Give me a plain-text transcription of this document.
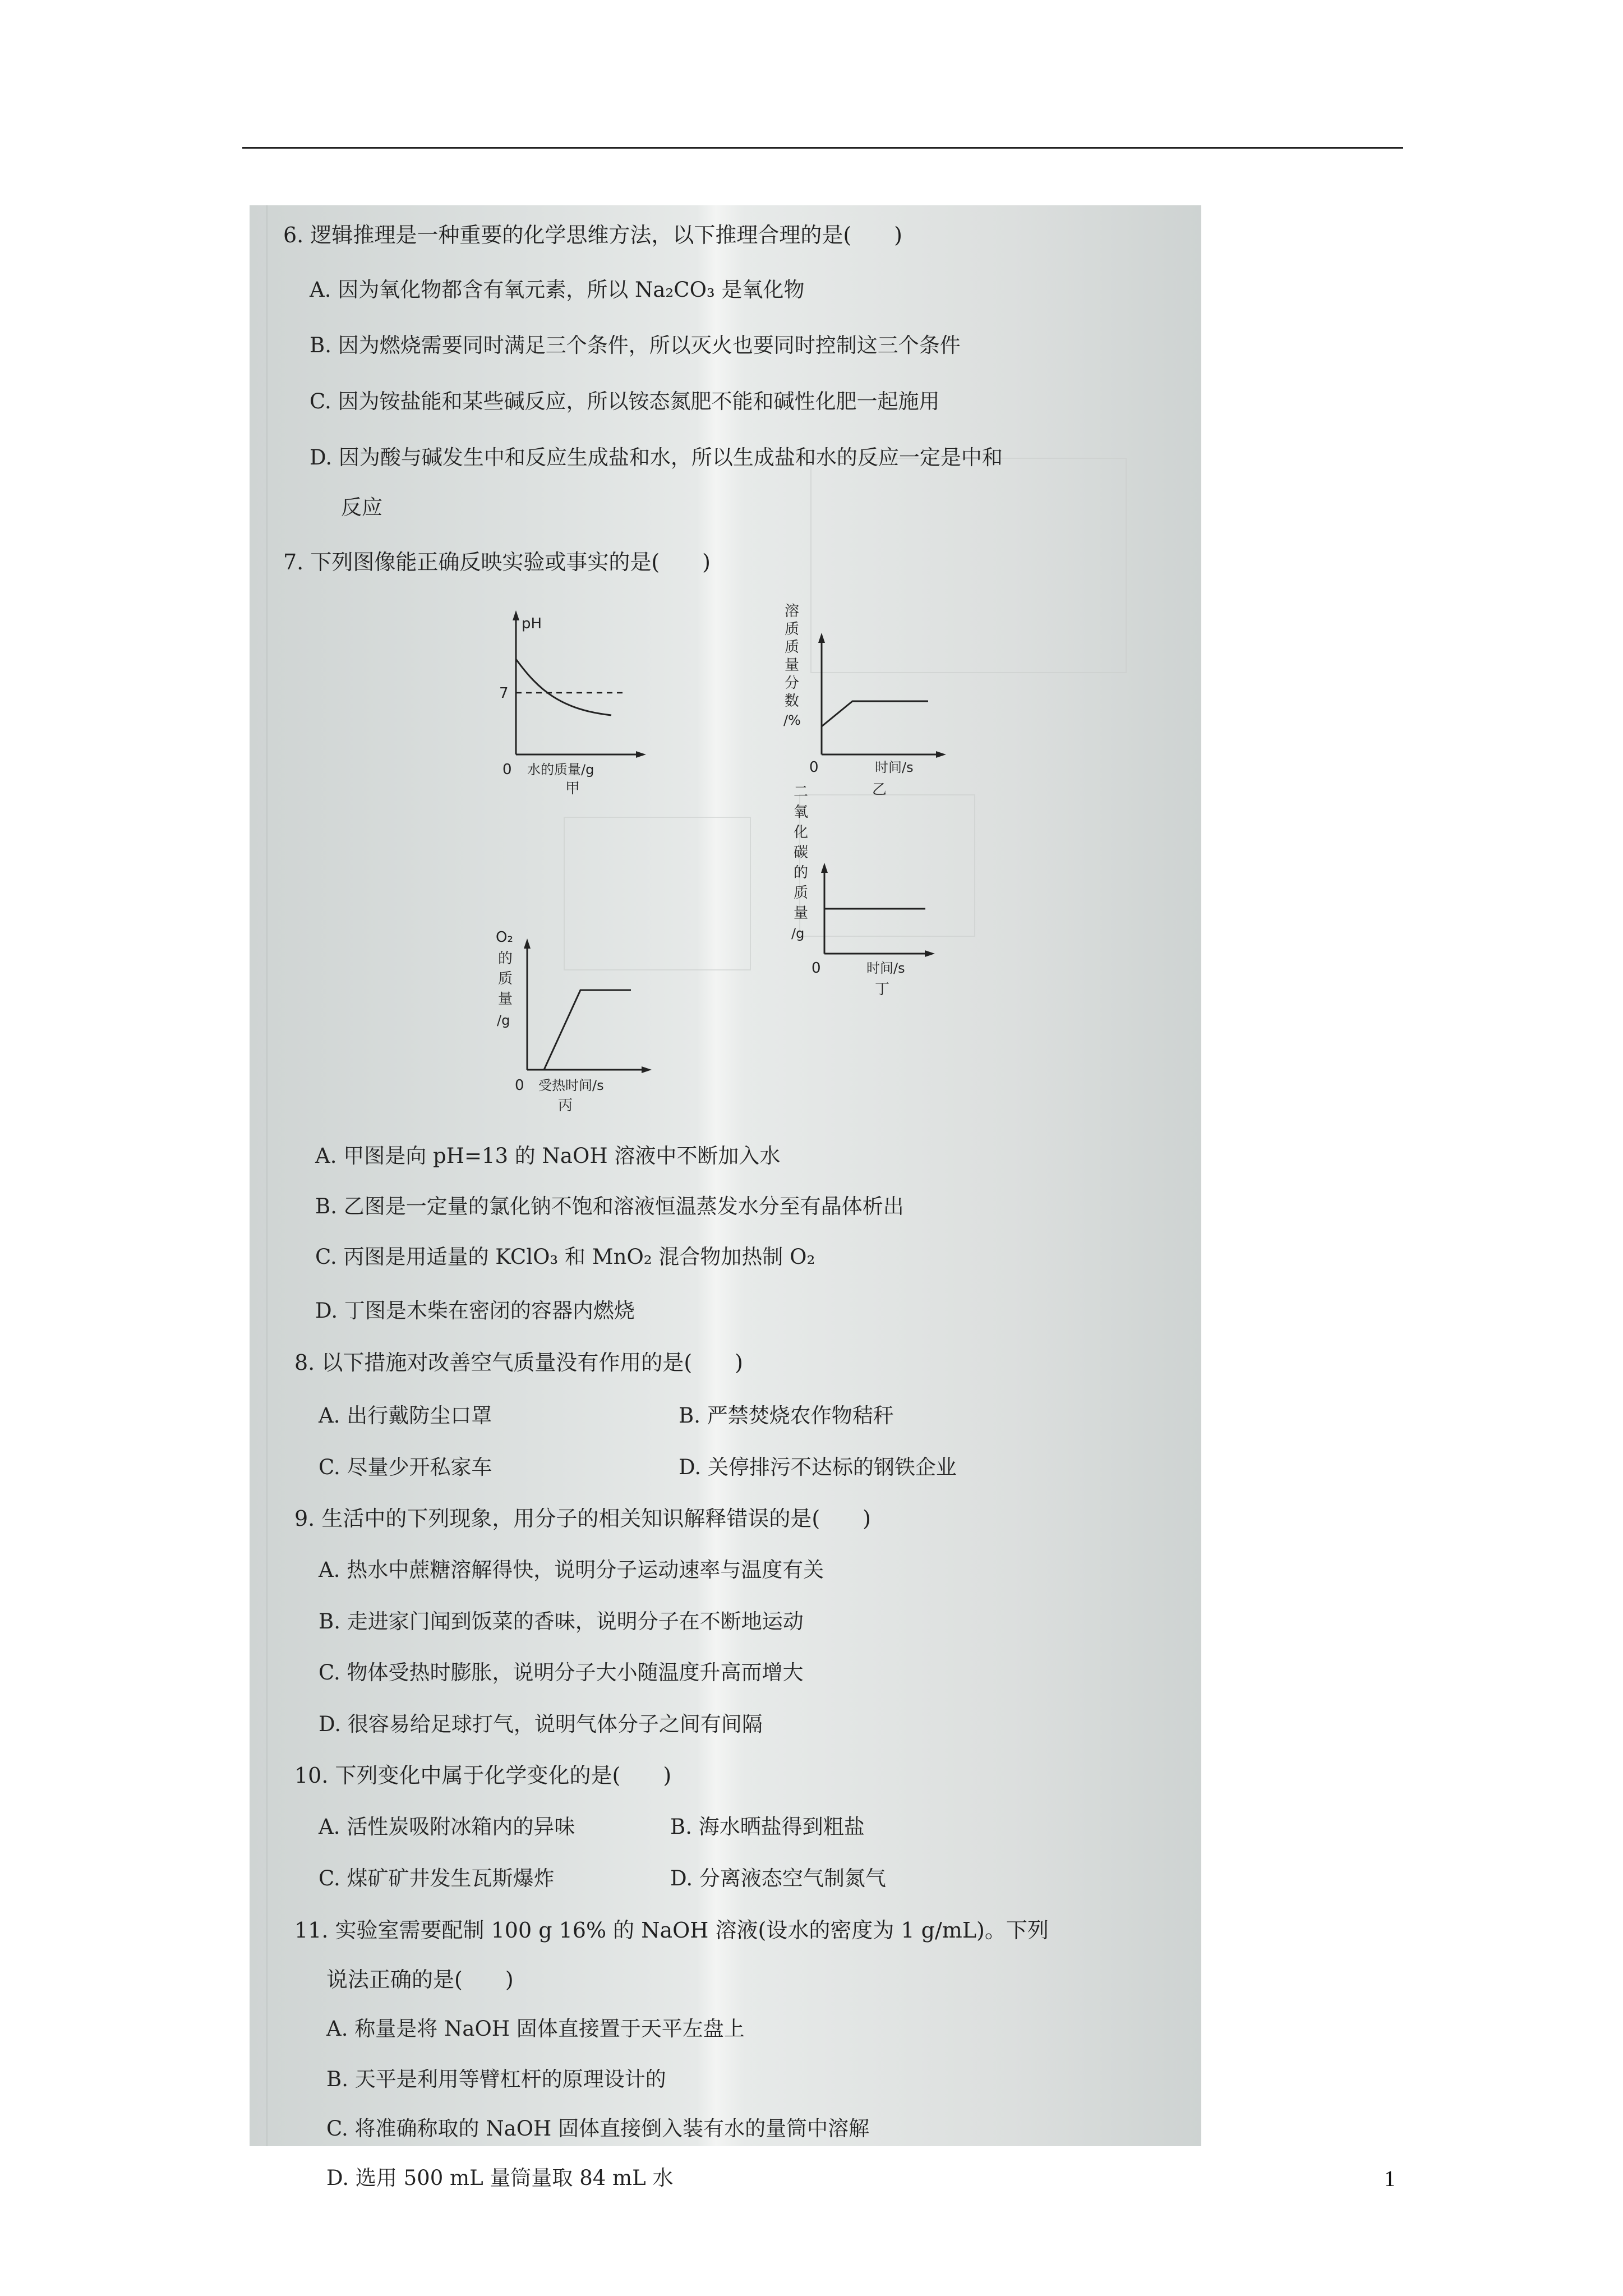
6. 逻辑推理是一种重要的化学思维方法，以下推理合理的是(　　)
A. 因为氧化物都含有氧元素，所以 Na₂CO₃ 是氧化物
B. 因为燃烧需要同时满足三个条件，所以灭火也要同时控制这三个条件
C. 因为铵盐能和某些碱反应，所以铵态氮肥不能和碱性化肥一起施用
D. 因为酸与碱发生中和反应生成盐和水，所以生成盐和水的反应一定是中和
反应
7. 下列图像能正确反映实验或事实的是(　　)
pH
7
0 水的质量/g
甲
溶
质
质
量
分
数
/%
0	时间/s
乙
O₂
的
质
量
/g
0 受热时间/s
丙
二
氧
化
碳
的
质
量
/g
0	时间/s
丁
A. 甲图是向 pH=13 的 NaOH 溶液中不断加入水
B. 乙图是一定量的氯化钠不饱和溶液恒温蒸发水分至有晶体析出
C. 丙图是用适量的 KClO₃ 和 MnO₂ 混合物加热制 O₂
D. 丁图是木柴在密闭的容器内燃烧
8. 以下措施对改善空气质量没有作用的是(　　)
A. 出行戴防尘口罩	B. 严禁焚烧农作物秸秆
C. 尽量少开私家车	D. 关停排污不达标的钢铁企业
9. 生活中的下列现象，用分子的相关知识解释错误的是(　　)
A. 热水中蔗糖溶解得快，说明分子运动速率与温度有关
B. 走进家门闻到饭菜的香味，说明分子在不断地运动
C. 物体受热时膨胀，说明分子大小随温度升高而增大
D. 很容易给足球打气，说明气体分子之间有间隔
10. 下列变化中属于化学变化的是(　　)
A. 活性炭吸附冰箱内的异味	B. 海水晒盐得到粗盐
C. 煤矿矿井发生瓦斯爆炸	D. 分离液态空气制氮气
11. 实验室需要配制 100 g 16% 的 NaOH 溶液(设水的密度为 1 g/mL)。下列
说法正确的是(　　)
A. 称量是将 NaOH 固体直接置于天平左盘上
B. 天平是利用等臂杠杆的原理设计的
C. 将准确称取的 NaOH 固体直接倒入装有水的量筒中溶解
D. 选用 500 mL 量筒量取 84 mL 水	1
